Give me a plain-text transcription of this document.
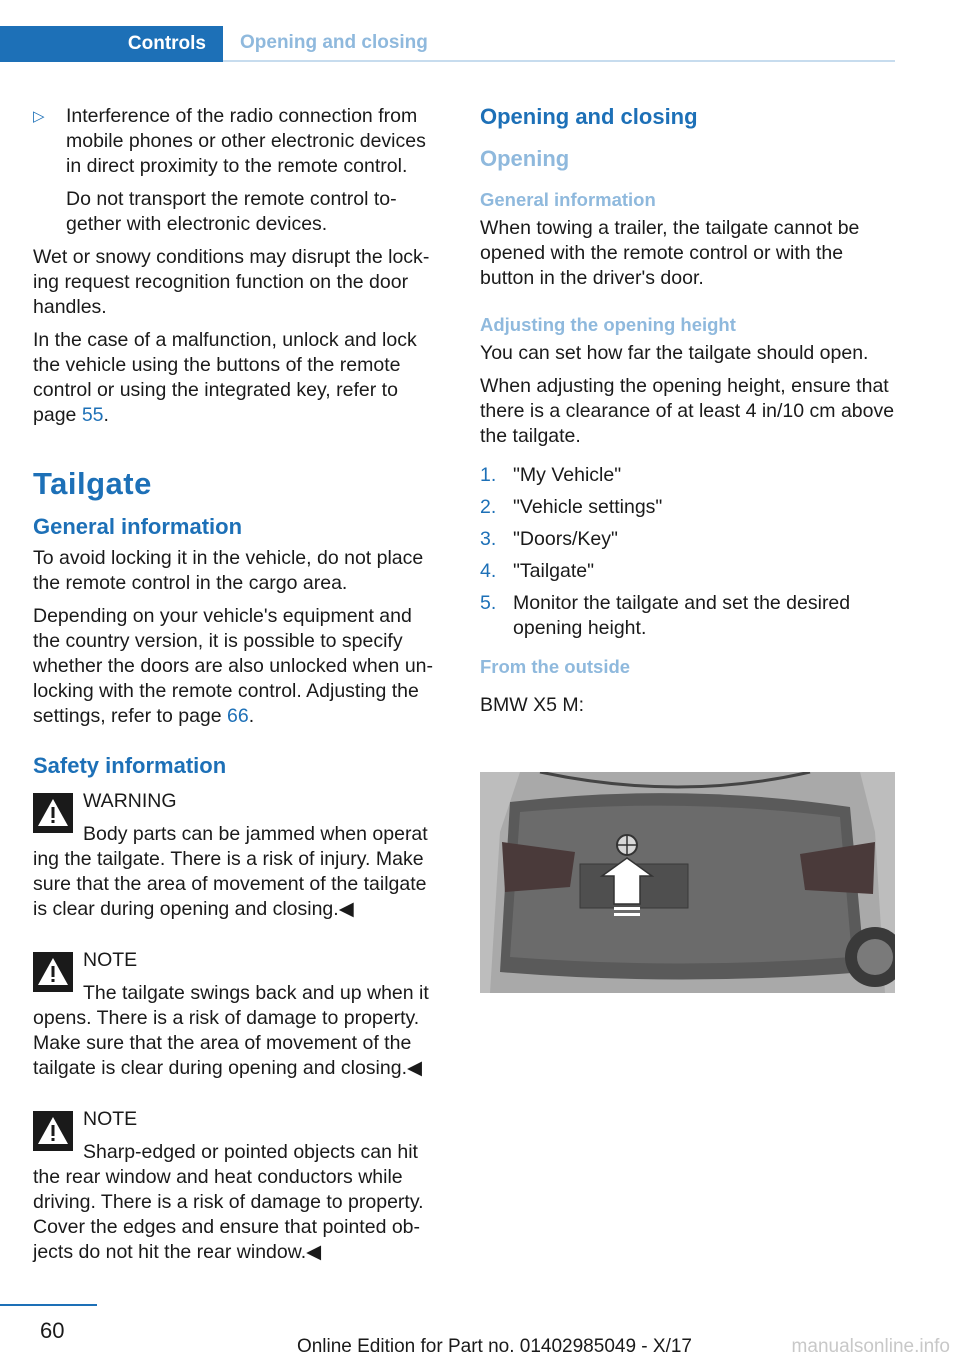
Controls	Opening and closing
▷ Interference of the radio connection from mobile phones or other electronic devices in direct proximity to the remote control.

Do not transport the remote control together with electronic devices.

Wet or snowy conditions may disrupt the locking request recognition function on the door handles.

In the case of a malfunction, unlock and lock the vehicle using the buttons of the remote control or using the integrated key, refer to page 55.

Tailgate
General information

To avoid locking it in the vehicle, do not place the remote control in the cargo area.

Depending on your vehicle's equipment and the country version, it is possible to specify whether the doors are also unlocked when unlocking with the remote control. Adjusting the settings, refer to page 66.

Safety information
WARNING
Body parts can be jammed when operat
ing the tailgate. There is a risk of injury. Make sure that the area of movement of the tailgate is clear during opening and closing.◀
NOTE
The tailgate swings back and up when it
opens. There is a risk of damage to property. Make sure that the area of movement of the tailgate is clear during opening and closing.◀
NOTE
Sharp-edged or pointed objects can hit
the rear window and heat conductors while driving. There is a risk of damage to property. Cover the edges and ensure that pointed objects do not hit the rear window.◀
Opening and closing
Opening
General information

When towing a trailer, the tailgate cannot be opened with the remote control or with the button in the driver's door.

Adjusting the opening height

You can set how far the tailgate should open.

When adjusting the opening height, ensure that there is a clearance of at least 4 in/10 cm above the tailgate.

1. "My Vehicle"
2. "Vehicle settings"
3. "Doors/Key"
4. "Tailgate"
5. Monitor the tailgate and set the desired opening height.
From the outside

BMW X5 M:

60
Online Edition for Part no. 01402985049 - X/17	manualsonline.info
